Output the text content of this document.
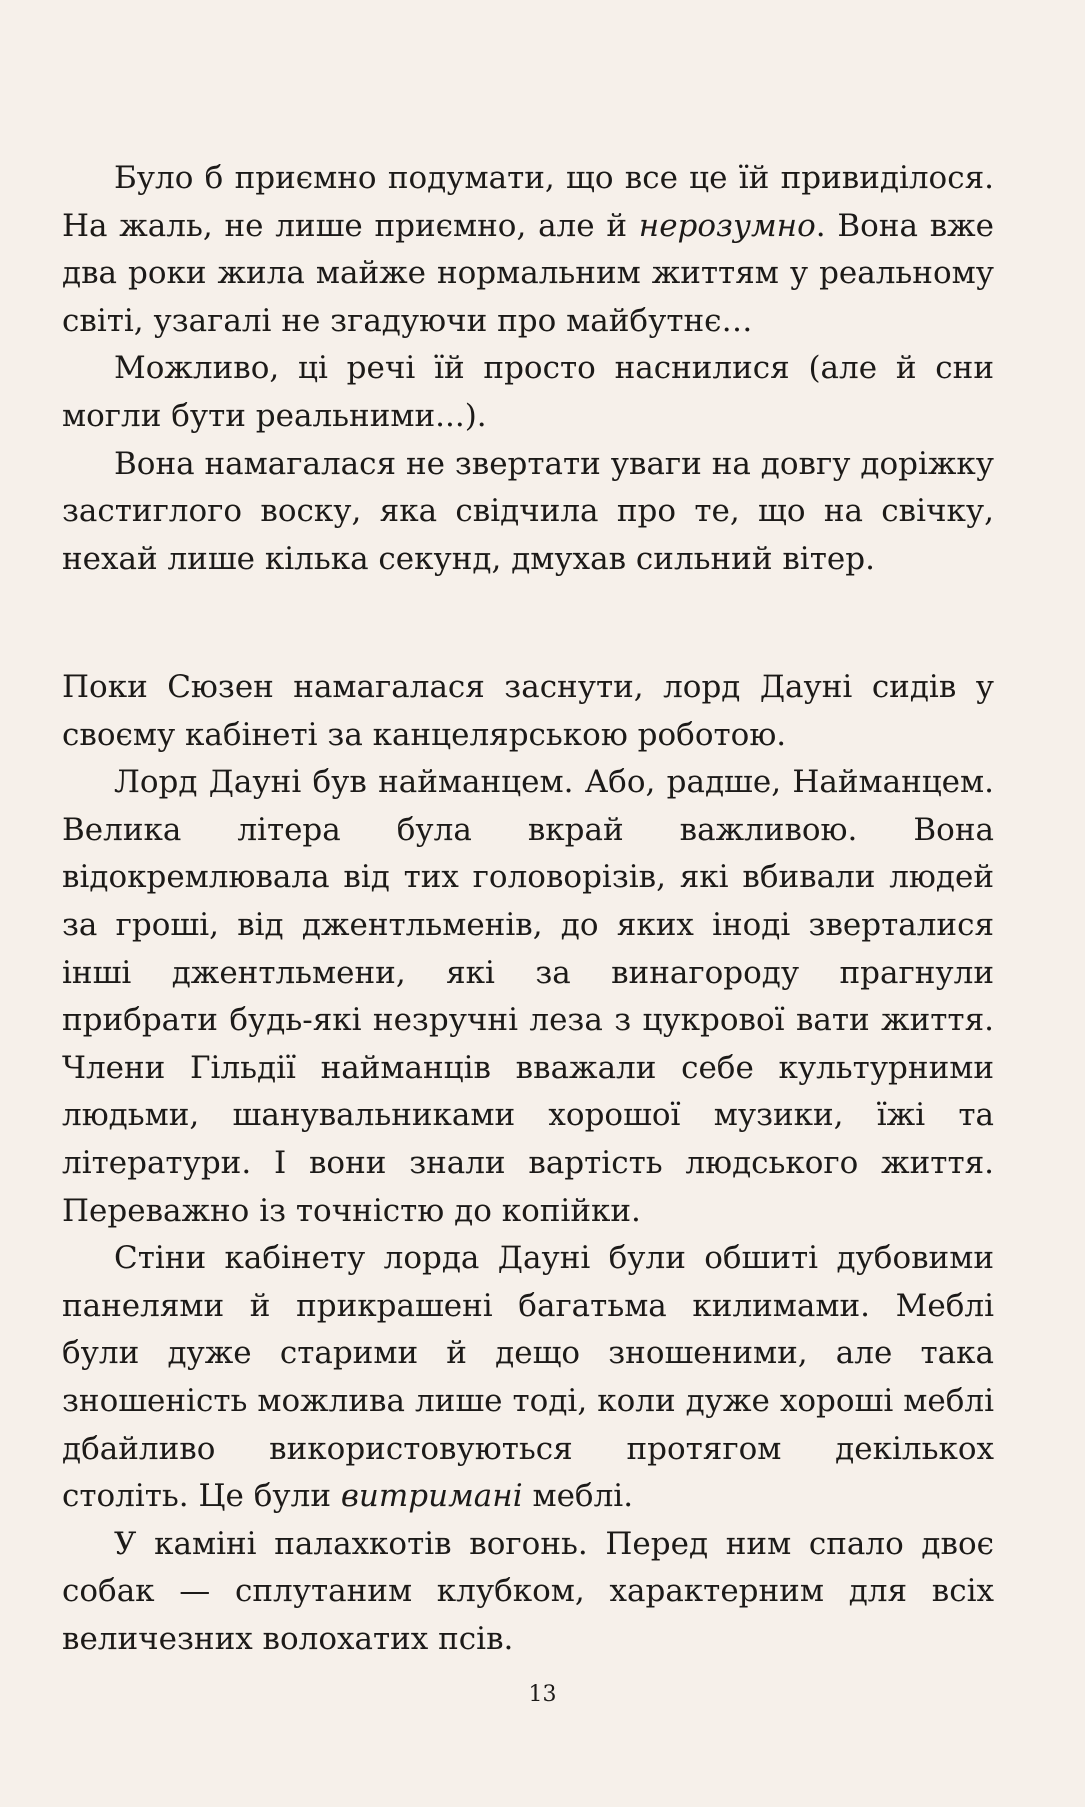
Було б приємно подумати, що все це їй привиділося. На жаль, не лише приємно, але й нерозумно. Вона вже два роки жила майже нормальним життям у реальному світі, узагалі не згадуючи про майбутнє…

Можливо, ці речі їй просто наснилися (але й сни могли бути реальними...).

Вона намагалася не звертати уваги на довгу доріжку застиглого воску, яка свідчила про те, що на свічку, нехай лише кілька секунд, дмухав сильний вітер.

Поки Сюзен намагалася заснути, лорд Дауні сидів у своєму кабінеті за канцелярською роботою.

Лорд Дауні був найманцем. Або, радше, Найманцем. Велика літера була вкрай важливою. Вона відокремлювала від тих головорізів, які вбивали людей за гроші, від джентльменів, до яких іноді зверталися інші джентльмени, які за винагороду прагнули прибрати будь-які незручні леза з цукрової вати життя. Члени Гільдії найманців вважали себе культурними людьми, шанувальниками хорошої музики, їжі та літератури. І вони знали вартість людського життя. Переважно із точністю до копійки.

Стіни кабінету лорда Дауні були обшиті дубовими панелями й прикрашені багатьма килимами. Меблі були дуже старими й дещо зношеними, але така зношеність можлива лише тоді, коли дуже хороші меблі дбайливо використовуються протягом декількох століть. Це були витримані меблі.

У каміні палахкотів вогонь. Перед ним спало двоє собак — сплутаним клубком, характерним для всіх величезних волохатих псів.

13
